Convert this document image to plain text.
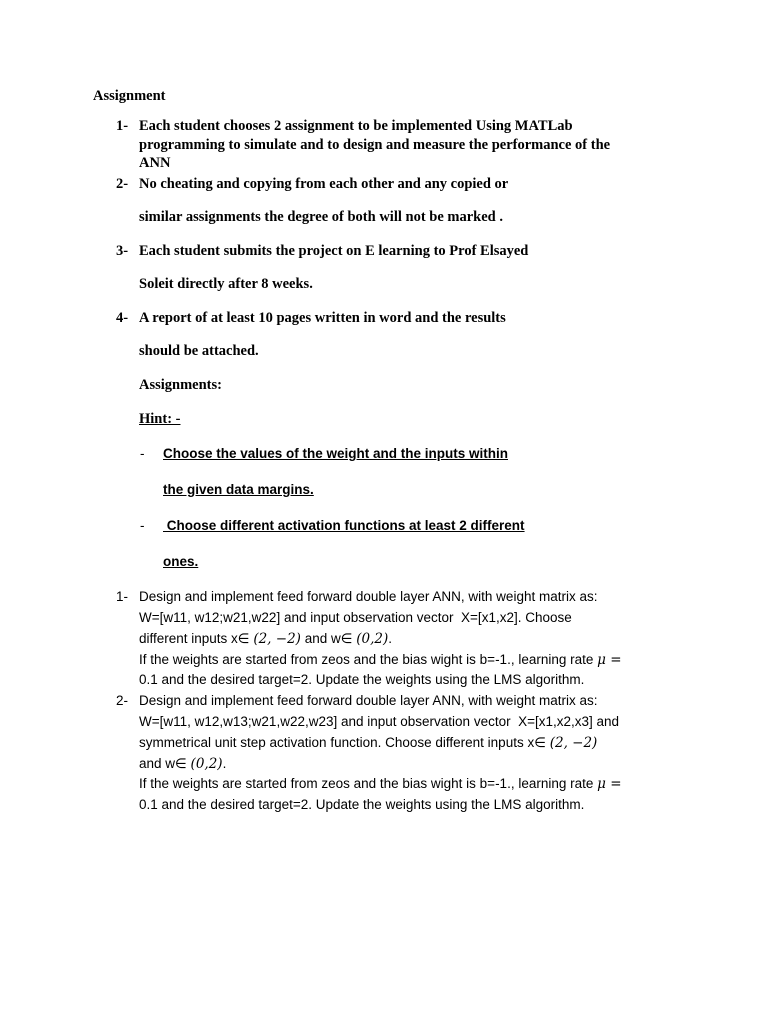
Assignment
1- Each student chooses 2 assignment to be implemented Using MATLab
programming to simulate and to design and measure the performance of the
ANN
2- No cheating and copying from each other and any copied or
similar assignments the degree of both will not be marked .
3- Each student submits the project on E learning to Prof Elsayed
Soleit directly after 8 weeks.
4- A report of at least 10 pages written in word and the results
should be attached.
Assignments:
Hint: -
- Choose the values of the weight and the inputs within
the given data margins.
- Choose different activation functions at least 2 different
ones.
1- Design and implement feed forward double layer ANN, with weight matrix as:
W=[w11, w12;w21,w22] and input observation vector  X=[x1,x2]. Choose
different inputs x∈ (2, −2) and w∈ (0,2).
If the weights are started from zeos and the bias wight is b=-1., learning rate μ =
0.1 and the desired target=2. Update the weights using the LMS algorithm.
2- Design and implement feed forward double layer ANN, with weight matrix as:
W=[w11, w12,w13;w21,w22,w23] and input observation vector  X=[x1,x2,x3] and
symmetrical unit step activation function. Choose different inputs x∈ (2, −2)
and w∈ (0,2).
If the weights are started from zeos and the bias wight is b=-1., learning rate μ =
0.1 and the desired target=2. Update the weights using the LMS algorithm.
